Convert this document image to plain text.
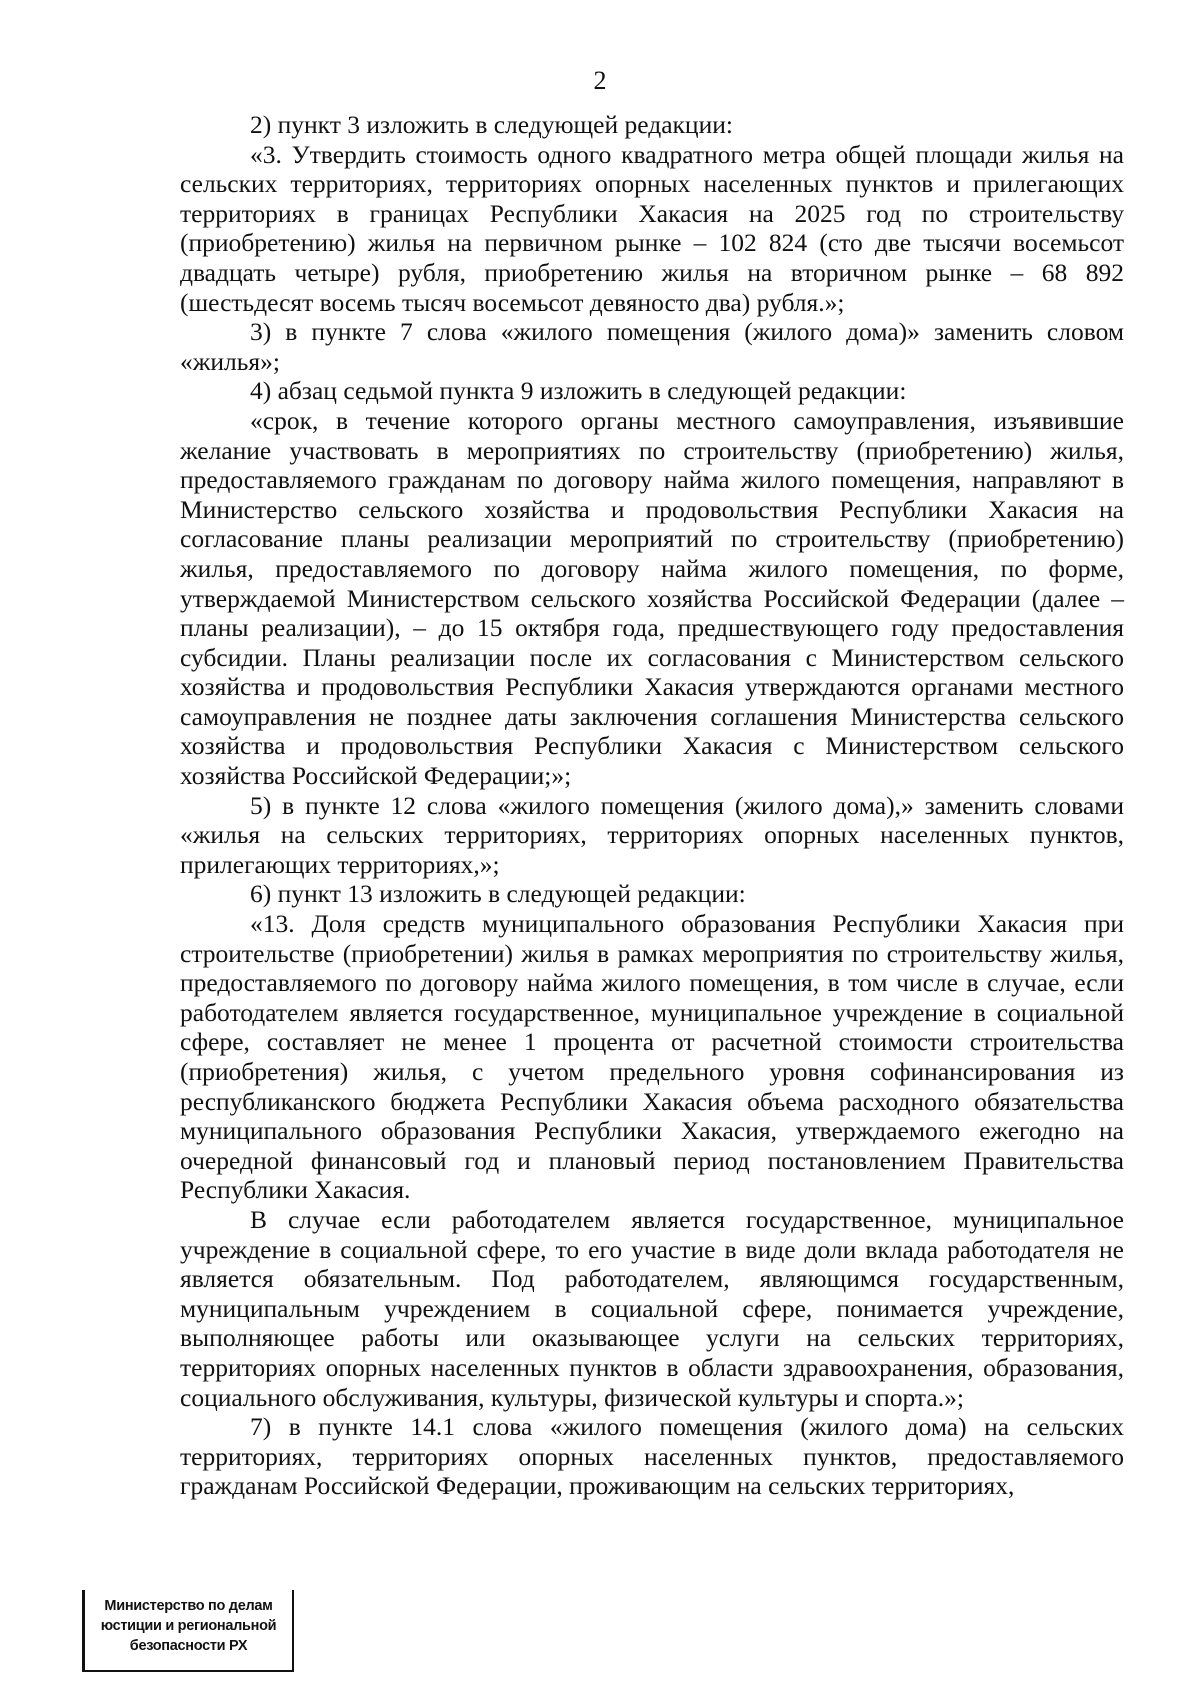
2

2) пункт 3 изложить в следующей редакции:

«3. Утвердить стоимость одного квадратного метра общей площади жилья на сельских территориях, территориях опорных населенных пунктов и прилегающих территориях в границах Республики Хакасия на 2025 год по строительству (приобретению) жилья на первичном рынке – 102 824 (сто две тысячи восемьсот двадцать четыре) рубля, приобретению жилья на вторичном рынке – 68 892 (шестьдесят восемь тысяч восемьсот девяносто два) рубля.»;

3) в пункте 7 слова «жилого помещения (жилого дома)» заменить словом «жилья»;

4) абзац седьмой пункта 9 изложить в следующей редакции:

«срок, в течение которого органы местного самоуправления, изъявившие желание участвовать в мероприятиях по строительству (приобретению) жилья, предоставляемого гражданам по договору найма жилого помещения, направляют в Министерство сельского хозяйства и продовольствия Республики Хакасия на согласование планы реализации мероприятий по строительству (приобретению) жилья, предоставляемого по договору найма жилого помещения, по форме, утверждаемой Министерством сельского хозяйства Российской Федерации (далее – планы реализации), – до 15 октября года, предшествующего году предоставления субсидии. Планы реализации после их согласования с Министерством сельского хозяйства и продовольствия Республики Хакасия утверждаются органами местного самоуправления не позднее даты заключения соглашения Министерства сельского хозяйства и продовольствия Республики Хакасия с Министерством сельского хозяйства Российской Федерации;»;

5) в пункте 12 слова «жилого помещения (жилого дома),» заменить словами «жилья на сельских территориях, территориях опорных населенных пунктов, прилегающих территориях,»;

6) пункт 13 изложить в следующей редакции:

«13. Доля средств муниципального образования Республики Хакасия при строительстве (приобретении) жилья в рамках мероприятия по строительству жилья, предоставляемого по договору найма жилого помещения, в том числе в случае, если работодателем является государственное, муниципальное учреждение в социальной сфере, составляет не менее 1 процента от расчетной стоимости строительства (приобретения) жилья, с учетом предельного уровня софинансирования из республиканского бюджета Республики Хакасия объема расходного обязательства муниципального образования Республики Хакасия, утверждаемого ежегодно на очередной финансовый год и плановый период постановлением Правительства Республики Хакасия.

В случае если работодателем является государственное, муниципальное учреждение в социальной сфере, то его участие в виде доли вклада работодателя не является обязательным. Под работодателем, являющимся государственным, муниципальным учреждением в социальной сфере, понимается учреждение, выполняющее работы или оказывающее услуги на сельских территориях, территориях опорных населенных пунктов в области здравоохранения, образования, социального обслуживания, культуры, физической культуры и спорта.»;

7) в пункте 14.1 слова «жилого помещения (жилого дома) на сельских территориях, территориях опорных населенных пунктов, предоставляемого гражданам Российской Федерации, проживающим на сельских территориях,

Министерство по делам
юстиции и региональной
безопасности РХ
